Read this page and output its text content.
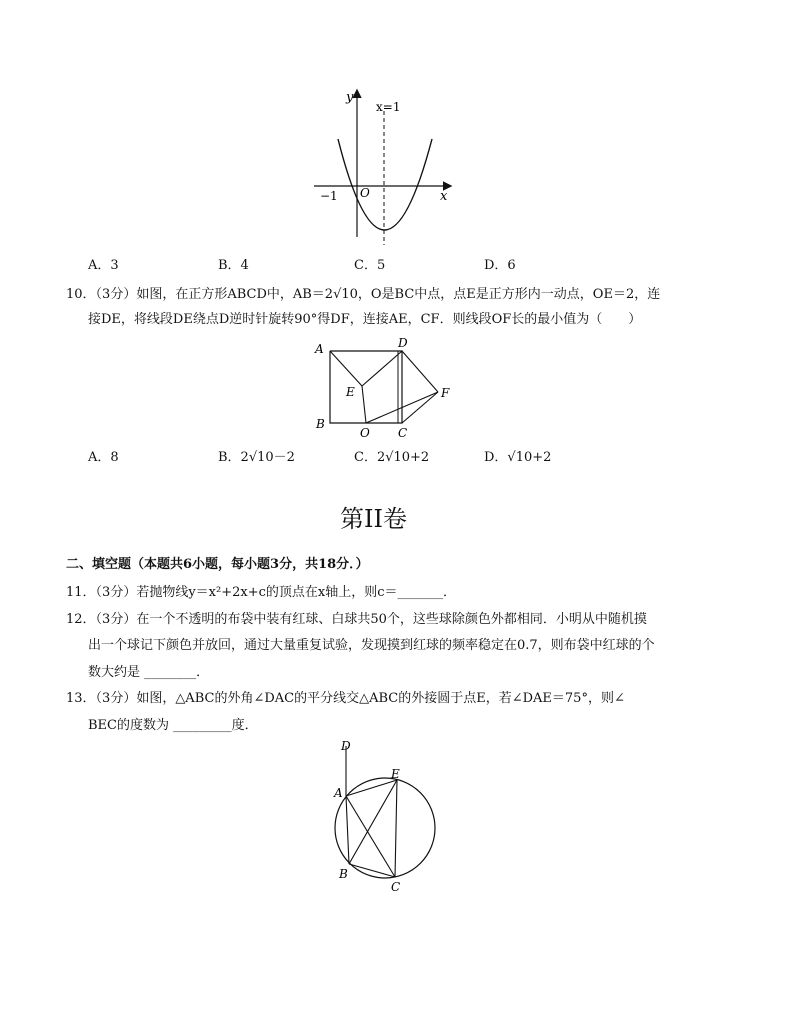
y
x
x=1
−1 O
A．3	B．4	C．5	D．6
10．（3分）如图，在正方形ABCD中，AB＝2√10，O是BC中点，点E是正方形内一动点，OE＝2，连
接DE，将线段DE绕点D逆时针旋转90°得DF，连接AE，CF．则线段OF长的最小值为（　　）
A	D
E	F
B
O C
A．8	B．2√10－2	C．2√10+2	D．√10+2
第II卷
二、填空题（本题共6小题，每小题3分，共18分．）
11．（3分）若抛物线y＝x²+2x+c的顶点在x轴上，则c＝_______．
12．（3分）在一个不透明的布袋中装有红球、白球共50个，这些球除颜色外都相同．小明从中随机摸
出一个球记下颜色并放回，通过大量重复试验，发现摸到红球的频率稳定在0.7，则布袋中红球的个
数大约是 ________．
13．（3分）如图，△ABC的外角∠DAC的平分线交△ABC的外接圆于点E，若∠DAE＝75°，则∠
BEC的度数为 _________度．
D
E
A
B
C
